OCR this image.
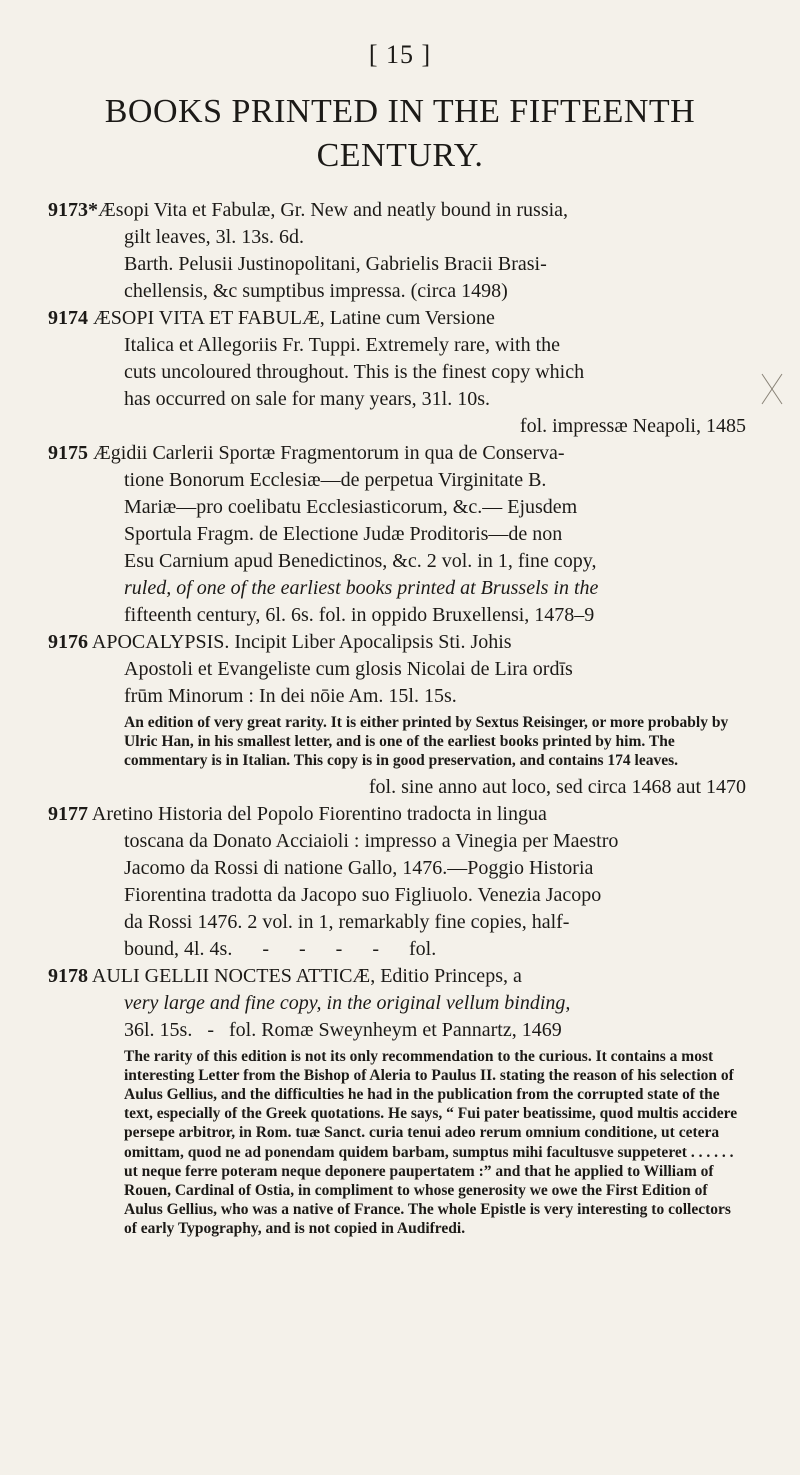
[ 15 ]
BOOKS PRINTED IN THE FIFTEENTH
CENTURY.
9173*Æsopi Vita et Fabulæ, Gr. New and neatly bound in russia,
gilt leaves, 3l. 13s. 6d.
Barth. Pelusii Justinopolitani, Gabrielis Bracii Brasi-
chellensis, &c sumptibus impressa. (circa 1498)
9174 ÆSOPI VITA ET FABULÆ, Latine cum Versione
Italica et Allegoriis Fr. Tuppi. Extremely rare, with the
cuts uncoloured throughout. This is the finest copy which
has occurred on sale for many years, 31l. 10s.
fol. impressæ Neapoli, 1485
9175 Ægidii Carlerii Sportæ Fragmentorum in qua de Conserva-
tione Bonorum Ecclesiæ—de perpetua Virginitate B.
Mariæ—pro coelibatu Ecclesiasticorum, &c.— Ejusdem
Sportula Fragm. de Electione Judæ Proditoris—de non
Esu Carnium apud Benedictinos, &c. 2 vol. in 1, fine copy,
ruled, of one of the earliest books printed at Brussels in the
fifteenth century, 6l. 6s. fol. in oppido Bruxellensi, 1478–9
9176 APOCALYPSIS. Incipit Liber Apocalipsis Sti. Johis
Apostoli et Evangeliste cum glosis Nicolai de Lira ordīs
frūm Minorum : In dei nōie Am. 15l. 15s.
An edition of very great rarity. It is either printed by Sextus Reisinger, or more probably by Ulric Han, in his smallest letter, and is one of the earliest books printed by him. The commentary is in Italian. This copy is in good preservation, and contains 174 leaves.
fol. sine anno aut loco, sed circa 1468 aut 1470
9177 Aretino Historia del Popolo Fiorentino tradocta in lingua
toscana da Donato Acciaioli : impresso a Vinegia per Maestro
Jacomo da Rossi di natione Gallo, 1476.—Poggio Historia
Fiorentina tradotta da Jacopo suo Figliuolo. Venezia Jacopo
da Rossi 1476. 2 vol. in 1, remarkably fine copies, half-
bound, 4l. 4s.      -      -      -      -      fol.
9178 AULI GELLII NOCTES ATTICÆ, Editio Princeps, a
very large and fine copy, in the original vellum binding,
36l. 15s.   -   fol. Romæ Sweynheym et Pannartz, 1469
The rarity of this edition is not its only recommendation to the curious. It contains a most interesting Letter from the Bishop of Aleria to Paulus II. stating the reason of his selection of Aulus Gellius, and the difficulties he had in the publication from the corrupted state of the text, especially of the Greek quotations. He says, “ Fui pater beatissime, quod multis accidere persepe arbitror, in Rom. tuæ Sanct. curia tenui adeo rerum omnium conditione, ut cetera omittam, quod ne ad ponendam quidem barbam, sumptus mihi facultusve suppeteret . . . . . . ut neque ferre poteram neque deponere paupertatem :” and that he applied to William of Rouen, Cardinal of Ostia, in compliment to whose generosity we owe the First Edition of Aulus Gellius, who was a native of France. The whole Epistle is very interesting to collectors of early Typography, and is not copied in Audifredi.
